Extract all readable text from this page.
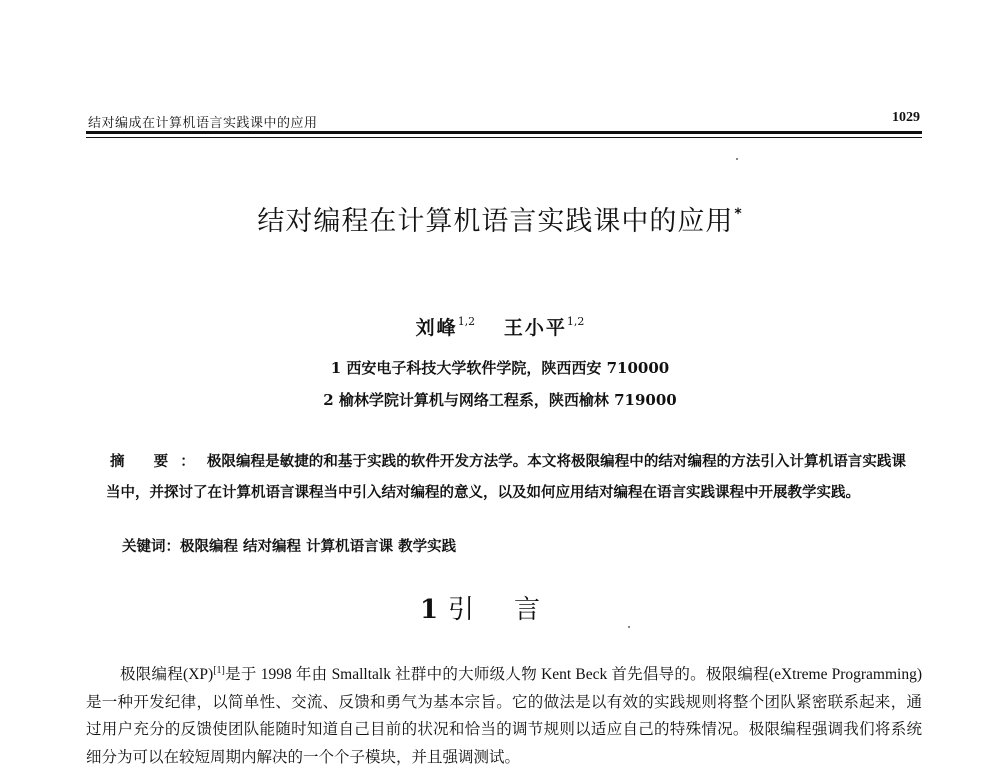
结对编成在计算机语言实践课中的应用	1029
结对编程在计算机语言实践课中的应用*
刘峰$^{1,2}$ 王小平$^{1,2}$
1 西安电子科技大学软件学院，陕西西安 710000
2 榆林学院计算机与网络工程系，陕西榆林 719000
摘 要：极限编程是敏捷的和基于实践的软件开发方法学。本文将极限编程中的结对编程的方法引入计算机语言实践课当中，并探讨了在计算机语言课程当中引入结对编程的意义，以及如何应用结对编程在语言实践课程中开展教学实践。
关键词：极限编程 结对编程 计算机语言课 教学实践
1 引言
极限编程(XP)[1]是于 1998 年由 Smalltalk 社群中的大师级人物 Kent Beck 首先倡导的。极限编程(eXtreme Programming)是一种开发纪律，以简单性、交流、反馈和勇气为基本宗旨。它的做法是以有效的实践规则将整个团队紧密联系起来，通过用户充分的反馈使团队能随时知道自己目前的状况和恰当的调节规则以适应自己的特殊情况。极限编程强调我们将系统细分为可以在较短周期内解决的一个个子模块，并且强调测试。
